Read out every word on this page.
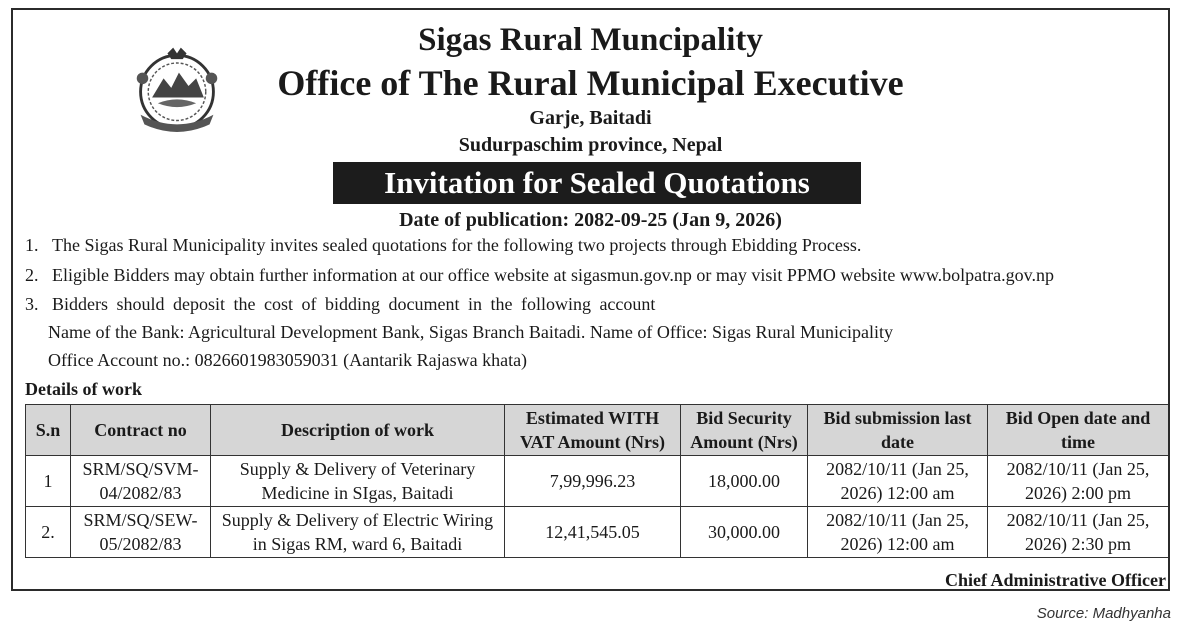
Sigas Rural Muncipality
Office of The Rural Municipal Executive
Garje, Baitadi
Sudurpaschim province, Nepal
Invitation for Sealed Quotations
Date of publication: 2082-09-25 (Jan 9, 2026)
1. The Sigas Rural Municipality invites sealed quotations for the following two projects through Ebidding Process.
2. Eligible Bidders may obtain further information at our office website at sigasmun.gov.np or may visit PPMO website www.bolpatra.gov.np
3. Bidders should deposit the cost of bidding document in the following account
Name of the Bank: Agricultural Development Bank, Sigas Branch Baitadi. Name of Office: Sigas Rural Municipality
Office Account no.: 0826601983059031 (Aantarik Rajaswa khata)
Details of work
S.n	Contract no	Description of work	Estimated WITH VAT Amount (Nrs)	Bid Security Amount (Nrs)	Bid submission last date	Bid Open date and time
1	SRM/SQ/SVM-04/2082/83	Supply & Delivery of Veterinary Medicine in SIgas, Baitadi	7,99,996.23	18,000.00	2082/10/11 (Jan 25, 2026) 12:00 am	2082/10/11 (Jan 25, 2026) 2:00 pm
2.	SRM/SQ/SEW-05/2082/83	Supply & Delivery of Electric Wiring in Sigas RM, ward 6, Baitadi	12,41,545.05	30,000.00	2082/10/11 (Jan 25, 2026) 12:00 am	2082/10/11 (Jan 25, 2026) 2:30 pm
Chief Administrative Officer
Source: Madhyanha
